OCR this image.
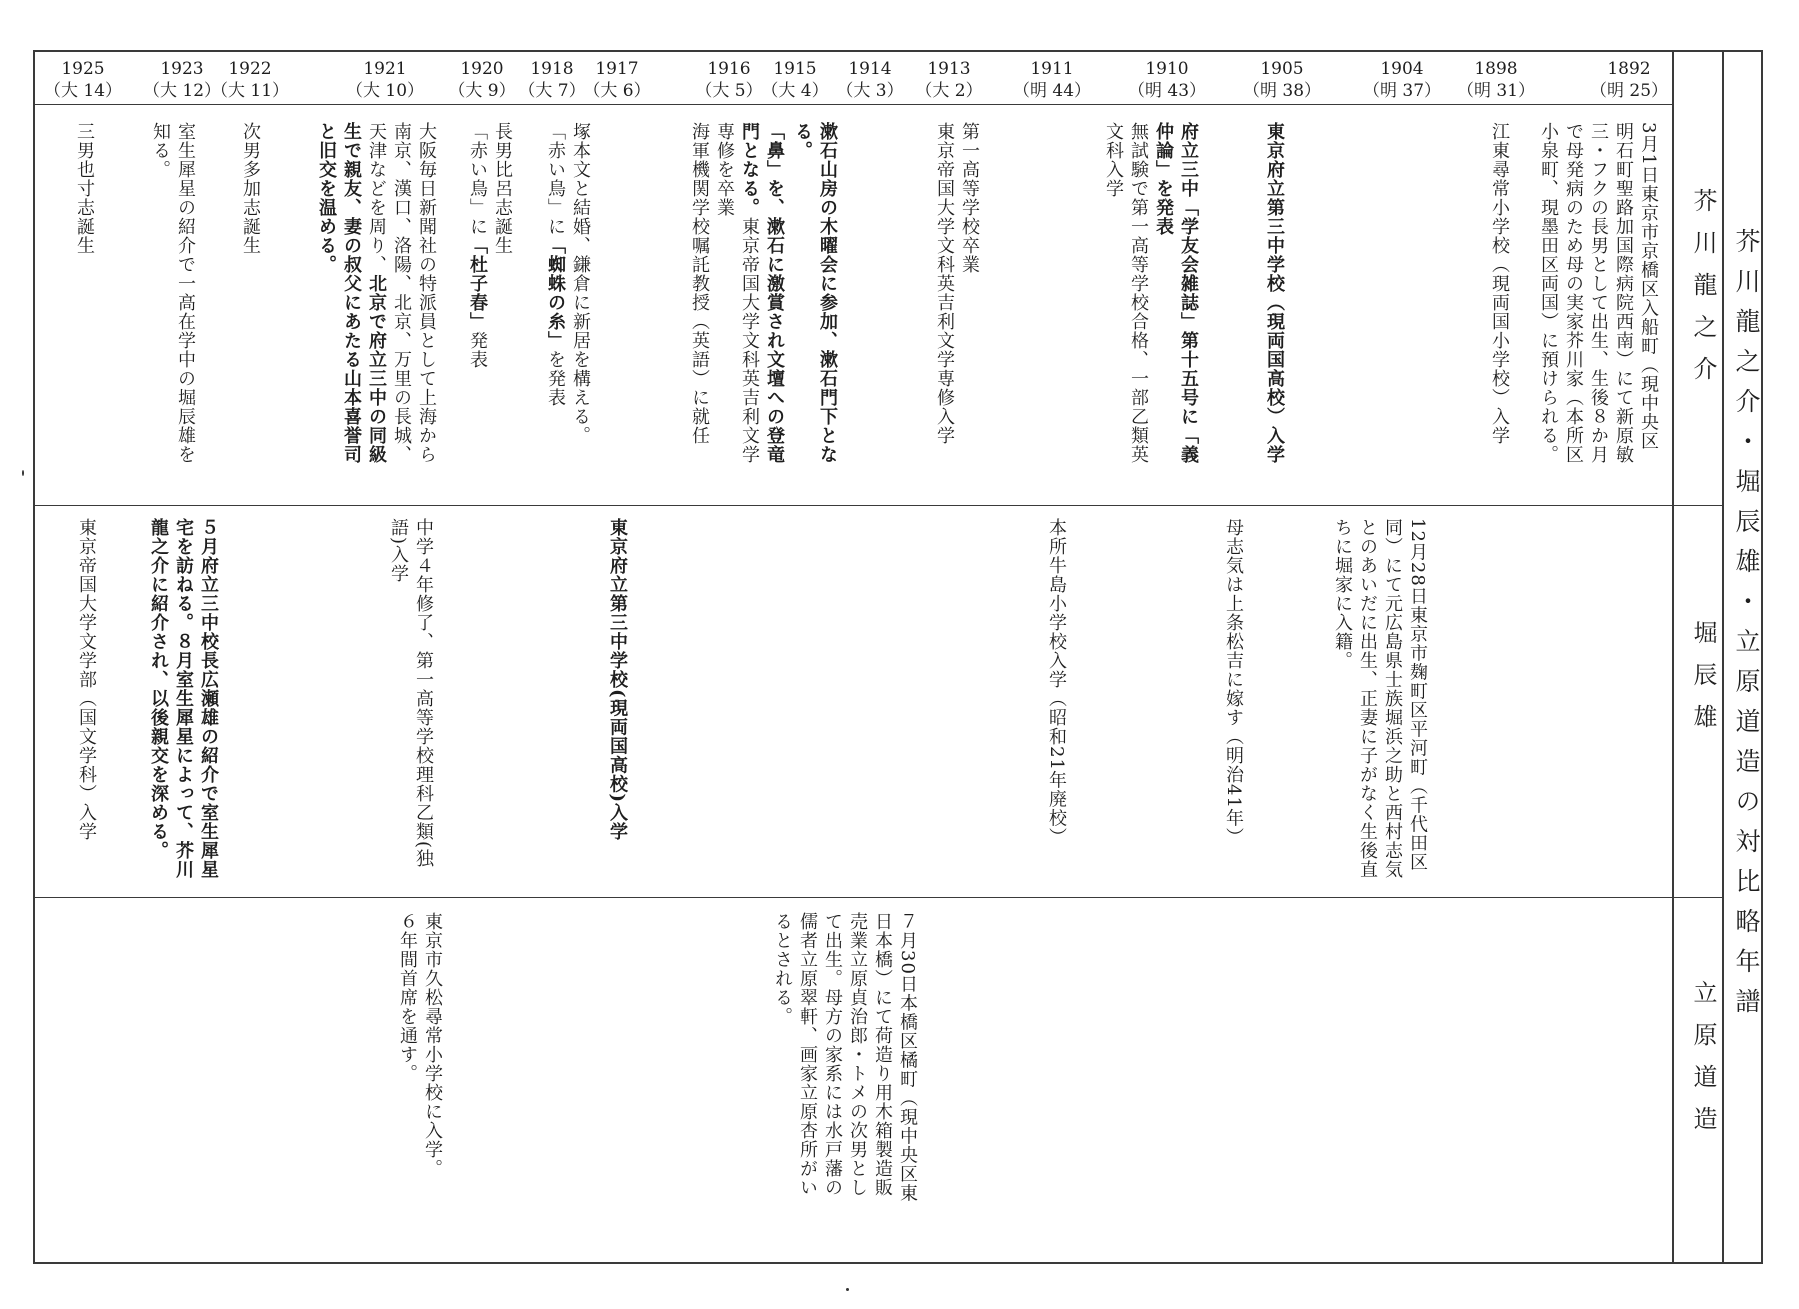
芥川龍之介・堀辰雄・立原道造の対比略年譜
芥川龍之介
堀辰雄
立原道造
1925
（大 14）
1923
（大 12）
1922
（大 11）
1921
（大 10）
1920
（大 9）
1918
（大 7）
1917
（大 6）
1916
（大 5）
1915
（大 4）
1914
（大 3）
1913
（大 2）
1911
（明 44）
1910
（明 43）
1905
（明 38）
1904
（明 37）
1898
（明 31）
1892
（明 25）
3月1日東京市京橋区入船町（現中央区
明石町聖路加国際病院西南）にて新原敏
三・フクの長男として出生、生後８か月
で母発病のため母の実家芥川家（本所区
小泉町、現墨田区両国）に預けられる。
江東尋常小学校（現両国小学校）入学
東京府立第三中学校（現両国高校）入学
府立三中「学友会雑誌」第十五号に「義
仲論」を発表
無試験で第一高等学校合格、一部乙類英
文科入学
第一高等学校卒業
東京帝国大学文科英吉利文学専修入学
漱石山房の木曜会に参加、漱石門下とな
る。
「鼻」を、漱石に激賞され文壇への登竜
門となる。東京帝国大学文科英吉利文学
専修を卒業
海軍機関学校嘱託教授（英語）に就任
塚本文と結婚、鎌倉に新居を構える。
「赤い鳥」に「蜘蛛の糸」を発表
長男比呂志誕生
「赤い鳥」に「杜子春」発表
大阪毎日新聞社の特派員として上海から
南京、漢口、洛陽、北京、万里の長城、
天津などを周り、北京で府立三中の同級
生で親友、妻の叔父にあたる山本喜誉司
と旧交を温める。
次男多加志誕生
室生犀星の紹介で一高在学中の堀辰雄を
知る。
三男也寸志誕生
12月28日東京市麹町区平河町（千代田区
同）にて元広島県士族堀浜之助と西村志気
とのあいだに出生、正妻に子がなく生後直
ちに堀家に入籍。
母志気は上条松吉に嫁す（明治41年）
本所牛島小学校入学（昭和21年廃校）
東京府立第三中学校(現両国高校)入学
中学４年修了、第一高等学校理科乙類(独
語)入学
５月府立三中校長広瀬雄の紹介で室生犀星
宅を訪ねる。８月室生犀星によって、芥川
龍之介に紹介され、以後親交を深める。
東京帝国大学文学部（国文学科）入学
７月30日本橋区橘町（現中央区東
日本橋）にて荷造り用木箱製造販
売業立原貞治郎・トメの次男とし
て出生。母方の家系には水戸藩の
儒者立原翠軒、画家立原杏所がい
るとされる。
東京市久松尋常小学校に入学。
６年間首席を通す。
